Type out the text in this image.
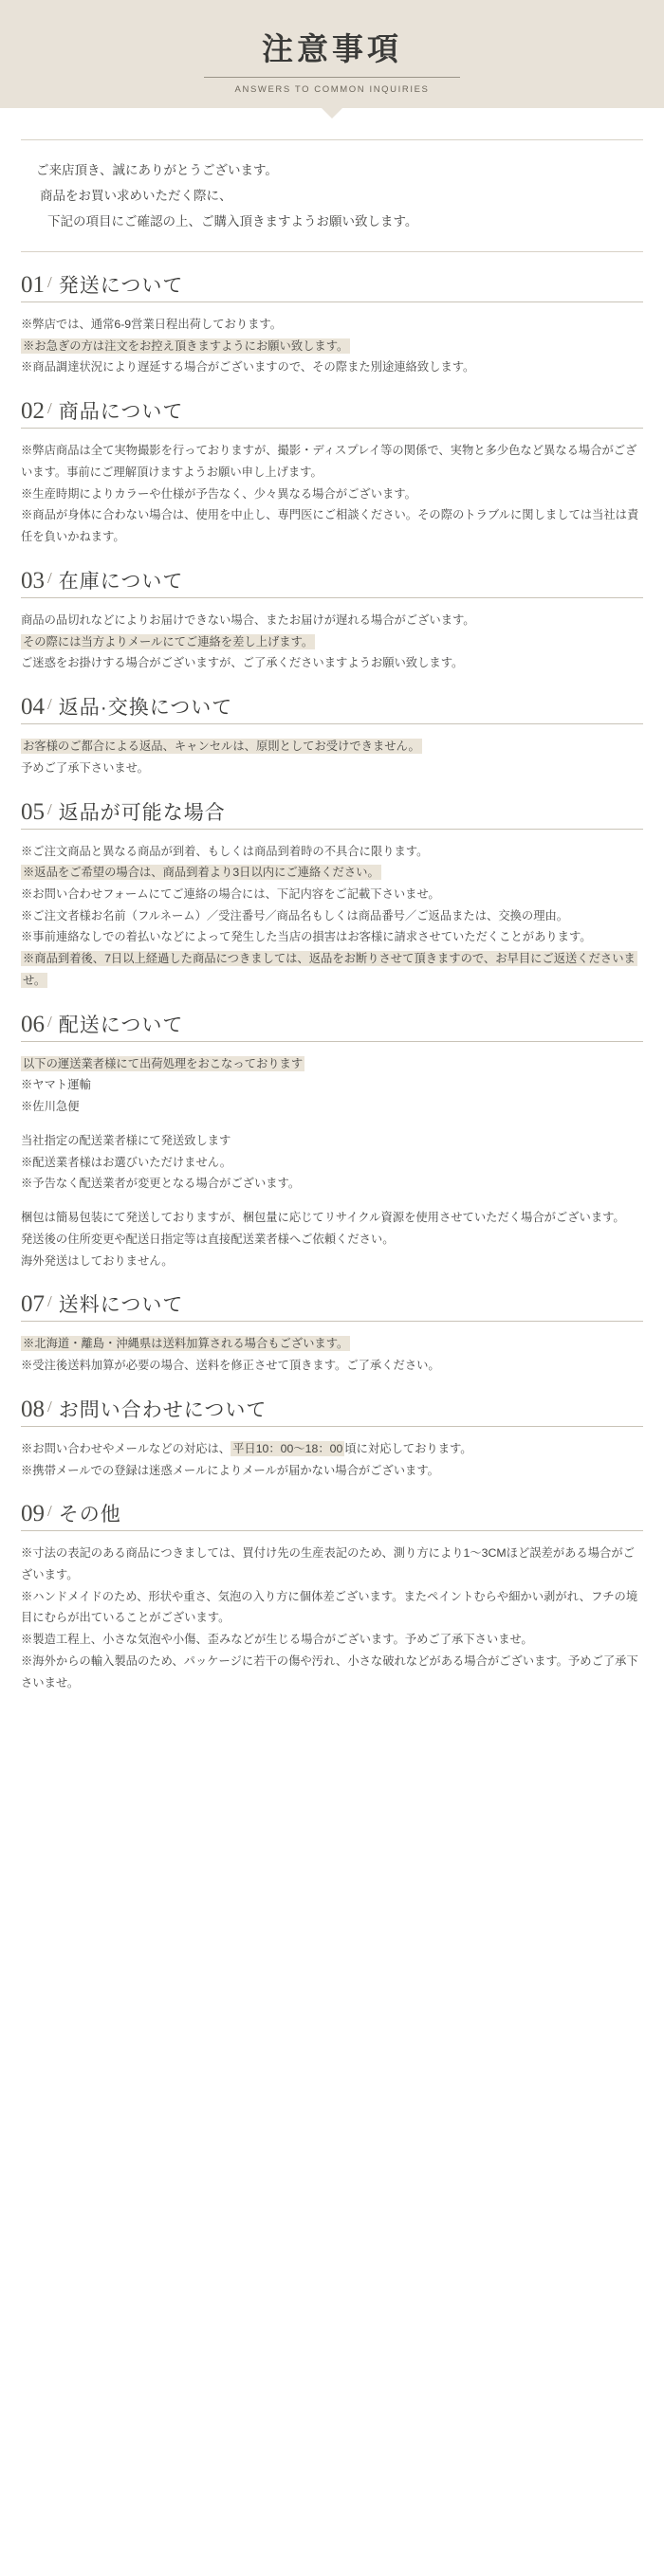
注意事項
ANSWERS TO COMMON INQUIRIES
ご来店頂き、誠にありがとうございます。
商品をお買い求めいただく際に、
下記の項目にご確認の上、ご購入頂きますようお願い致します。
01 / 発送について

※弊店では、通常6-9営業日程出荷しております。

※お急ぎの方は注文をお控え頂きますようにお願い致します。

※商品調達状況により遅延する場合がございますので、その際また別途連絡致します。

02 / 商品について

※弊店商品は全て実物撮影を行っておりますが、撮影・ディスプレイ等の関係で、実物と多少色など異なる場合がございます。事前にご理解頂けますようお願い申し上げます。

※生産時期によりカラーや仕様が予告なく、少々異なる場合がございます。

※商品が身体に合わない場合は、使用を中止し、専門医にご相談ください。その際のトラブルに関しましては当社は責任を負いかねます。

03 / 在庫について

商品の品切れなどによりお届けできない場合、またお届けが遅れる場合がございます。

その際には当方よりメールにてご連絡を差し上げます。

ご迷惑をお掛けする場合がございますが、ご了承くださいますようお願い致します。

04 / 返品·交換について

お客様のご都合による返品、キャンセルは、原則としてお受けできません。

予めご了承下さいませ。

05 / 返品が可能な場合

※ご注文商品と異なる商品が到着、もしくは商品到着時の不具合に限ります。

※返品をご希望の場合は、商品到着より3日以内にご連絡ください。

※お問い合わせフォームにてご連絡の場合には、下記内容をご記載下さいませ。

※ご注文者様お名前（フルネーム）／受注番号／商品名もしくは商品番号／ご返品または、交換の理由。

※事前連絡なしでの着払いなどによって発生した当店の損害はお客様に請求させていただくことがあります。

※商品到着後、7日以上経過した商品につきましては、返品をお断りさせて頂きますので、お早目にご返送くださいませ。

06 / 配送について

以下の運送業者様にて出荷処理をおこなっております

※ヤマト運輸

※佐川急便

当社指定の配送業者様にて発送致します

※配送業者様はお選びいただけません。

※予告なく配送業者が変更となる場合がございます。

梱包は簡易包装にて発送しておりますが、梱包量に応じてリサイクル資源を使用させていただく場合がございます。

発送後の住所変更や配送日指定等は直接配送業者様へご依頼ください。

海外発送はしておりません。

07 / 送料について

※北海道・離島・沖縄県は送料加算される場合もございます。

※受注後送料加算が必要の場合、送料を修正させて頂きます。ご了承ください。

08 / お問い合わせについて

※お問い合わせやメールなどの対応は、 平日10：00～18：00 頃に対応しております。

※携帯メールでの登録は迷惑メールによりメールが届かない場合がございます。

09 / その他

※寸法の表記のある商品につきましては、買付け先の生産表記のため、測り方により1～3CMほど誤差がある場合がございます。

※ハンドメイドのため、形状や重さ、気泡の入り方に個体差ございます。またペイントむらや細かい剥がれ、フチの境目にむらが出ていることがございます。

※製造工程上、小さな気泡や小傷、歪みなどが生じる場合がございます。予めご了承下さいませ。

※海外からの輸入製品のため、パッケージに若干の傷や汚れ、小さな破れなどがある場合がございます。予めご了承下さいませ。
